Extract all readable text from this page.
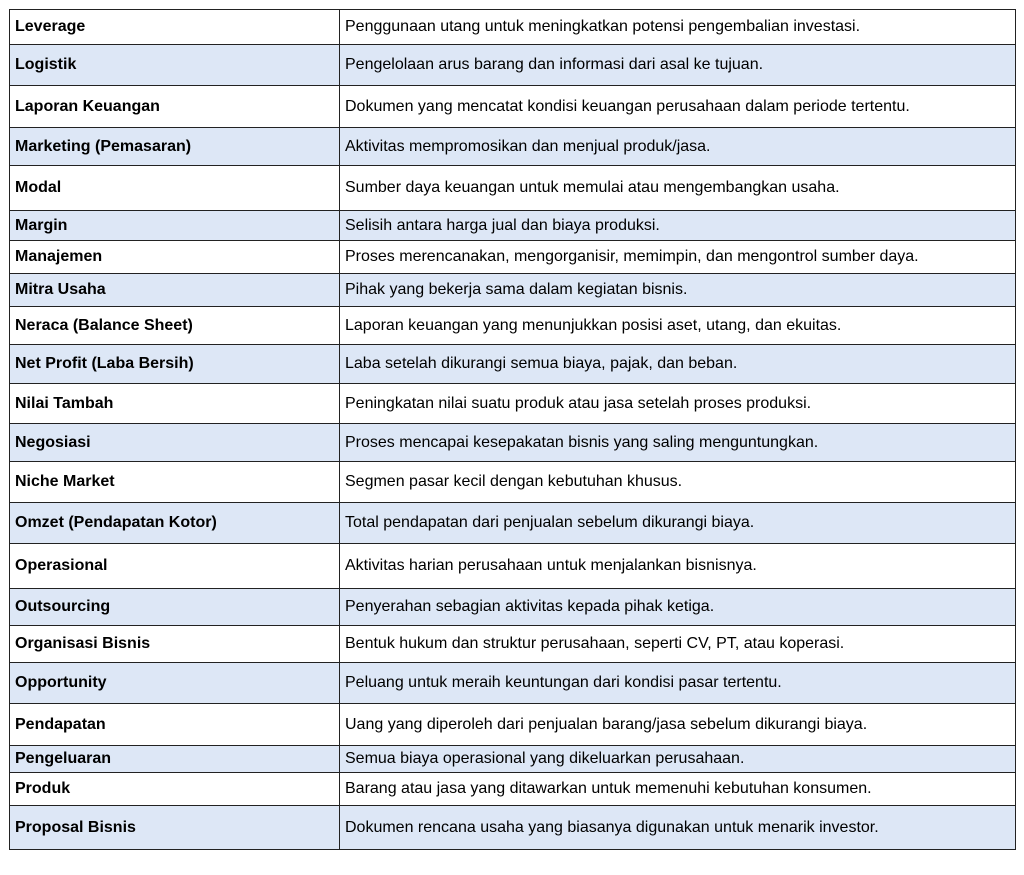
Leverage	Penggunaan utang untuk meningkatkan potensi pengembalian investasi.
Logistik	Pengelolaan arus barang dan informasi dari asal ke tujuan.
Laporan Keuangan	Dokumen yang mencatat kondisi keuangan perusahaan dalam periode tertentu.
Marketing (Pemasaran)	Aktivitas mempromosikan dan menjual produk/jasa.
Modal	Sumber daya keuangan untuk memulai atau mengembangkan usaha.
Margin	Selisih antara harga jual dan biaya produksi.
Manajemen	Proses merencanakan, mengorganisir, memimpin, dan mengontrol sumber daya.
Mitra Usaha	Pihak yang bekerja sama dalam kegiatan bisnis.
Neraca (Balance Sheet)	Laporan keuangan yang menunjukkan posisi aset, utang, dan ekuitas.
Net Profit (Laba Bersih)	Laba setelah dikurangi semua biaya, pajak, dan beban.
Nilai Tambah	Peningkatan nilai suatu produk atau jasa setelah proses produksi.
Negosiasi	Proses mencapai kesepakatan bisnis yang saling menguntungkan.
Niche Market	Segmen pasar kecil dengan kebutuhan khusus.
Omzet (Pendapatan Kotor)	Total pendapatan dari penjualan sebelum dikurangi biaya.
Operasional	Aktivitas harian perusahaan untuk menjalankan bisnisnya.
Outsourcing	Penyerahan sebagian aktivitas kepada pihak ketiga.
Organisasi Bisnis	Bentuk hukum dan struktur perusahaan, seperti CV, PT, atau koperasi.
Opportunity	Peluang untuk meraih keuntungan dari kondisi pasar tertentu.
Pendapatan	Uang yang diperoleh dari penjualan barang/jasa sebelum dikurangi biaya.
Pengeluaran	Semua biaya operasional yang dikeluarkan perusahaan.
Produk	Barang atau jasa yang ditawarkan untuk memenuhi kebutuhan konsumen.
Proposal Bisnis	Dokumen rencana usaha yang biasanya digunakan untuk menarik investor.
